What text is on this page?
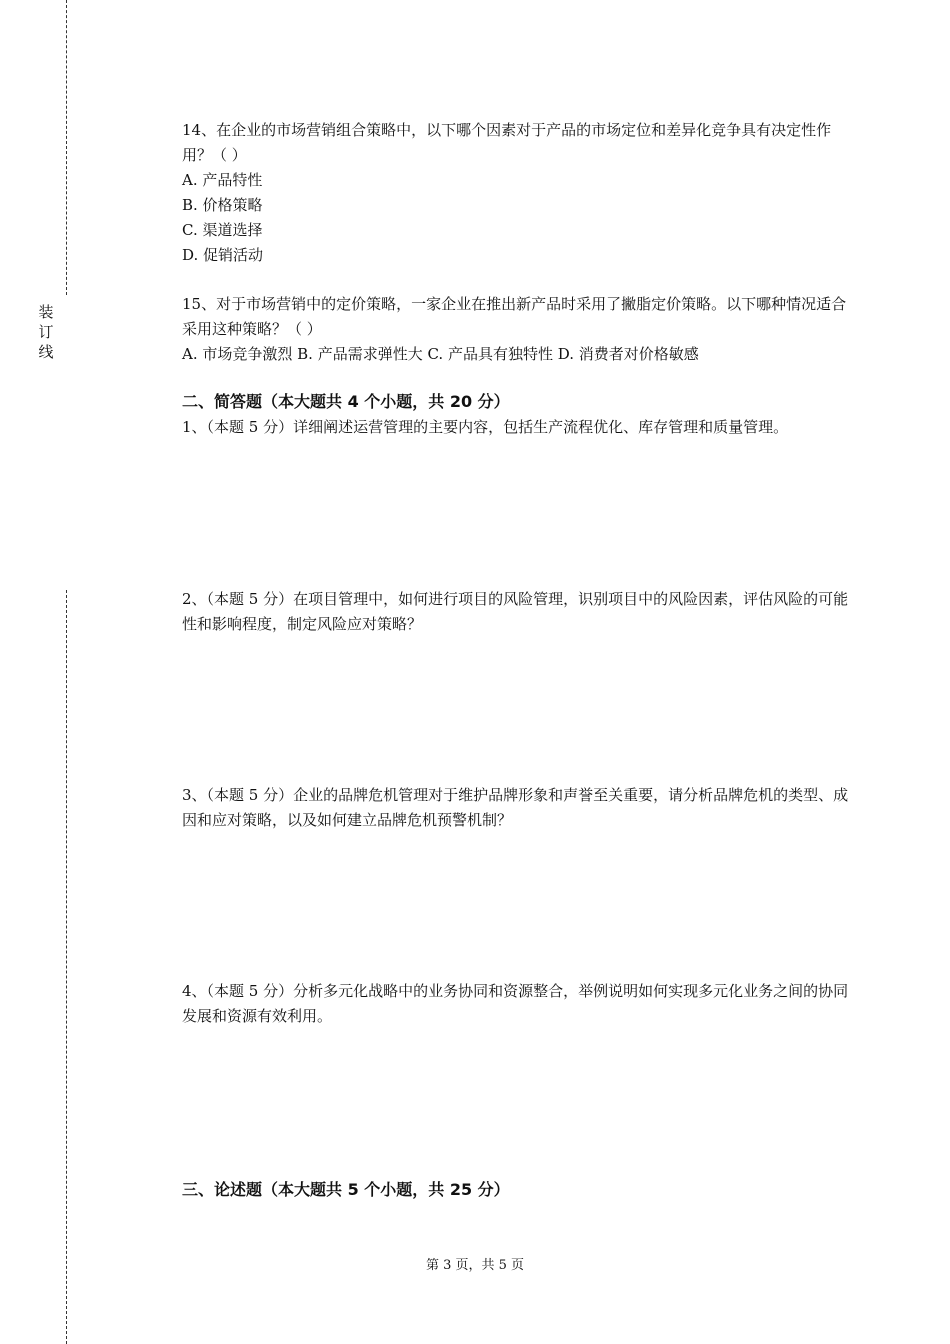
装
订
线

14、在企业的市场营销组合策略中，以下哪个因素对于产品的市场定位和差异化竞争具有决定性作用？（ ）

A. 产品特性

B. 价格策略

C. 渠道选择

D. 促销活动

15、对于市场营销中的定价策略，一家企业在推出新产品时采用了撇脂定价策略。以下哪种情况适合采用这种策略？（ ）

A. 市场竞争激烈 B. 产品需求弹性大 C. 产品具有独特性 D. 消费者对价格敏感

二、简答题（本大题共 4 个小题，共 20 分）

1、（本题 5 分）详细阐述运营管理的主要内容，包括生产流程优化、库存管理和质量管理。

2、（本题 5 分）在项目管理中，如何进行项目的风险管理，识别项目中的风险因素，评估风险的可能性和影响程度，制定风险应对策略？

3、（本题 5 分）企业的品牌危机管理对于维护品牌形象和声誉至关重要，请分析品牌危机的类型、成因和应对策略，以及如何建立品牌危机预警机制？

4、（本题 5 分）分析多元化战略中的业务协同和资源整合，举例说明如何实现多元化业务之间的协同发展和资源有效利用。

三、论述题（本大题共 5 个小题，共 25 分）
第 3 页，共 5 页
